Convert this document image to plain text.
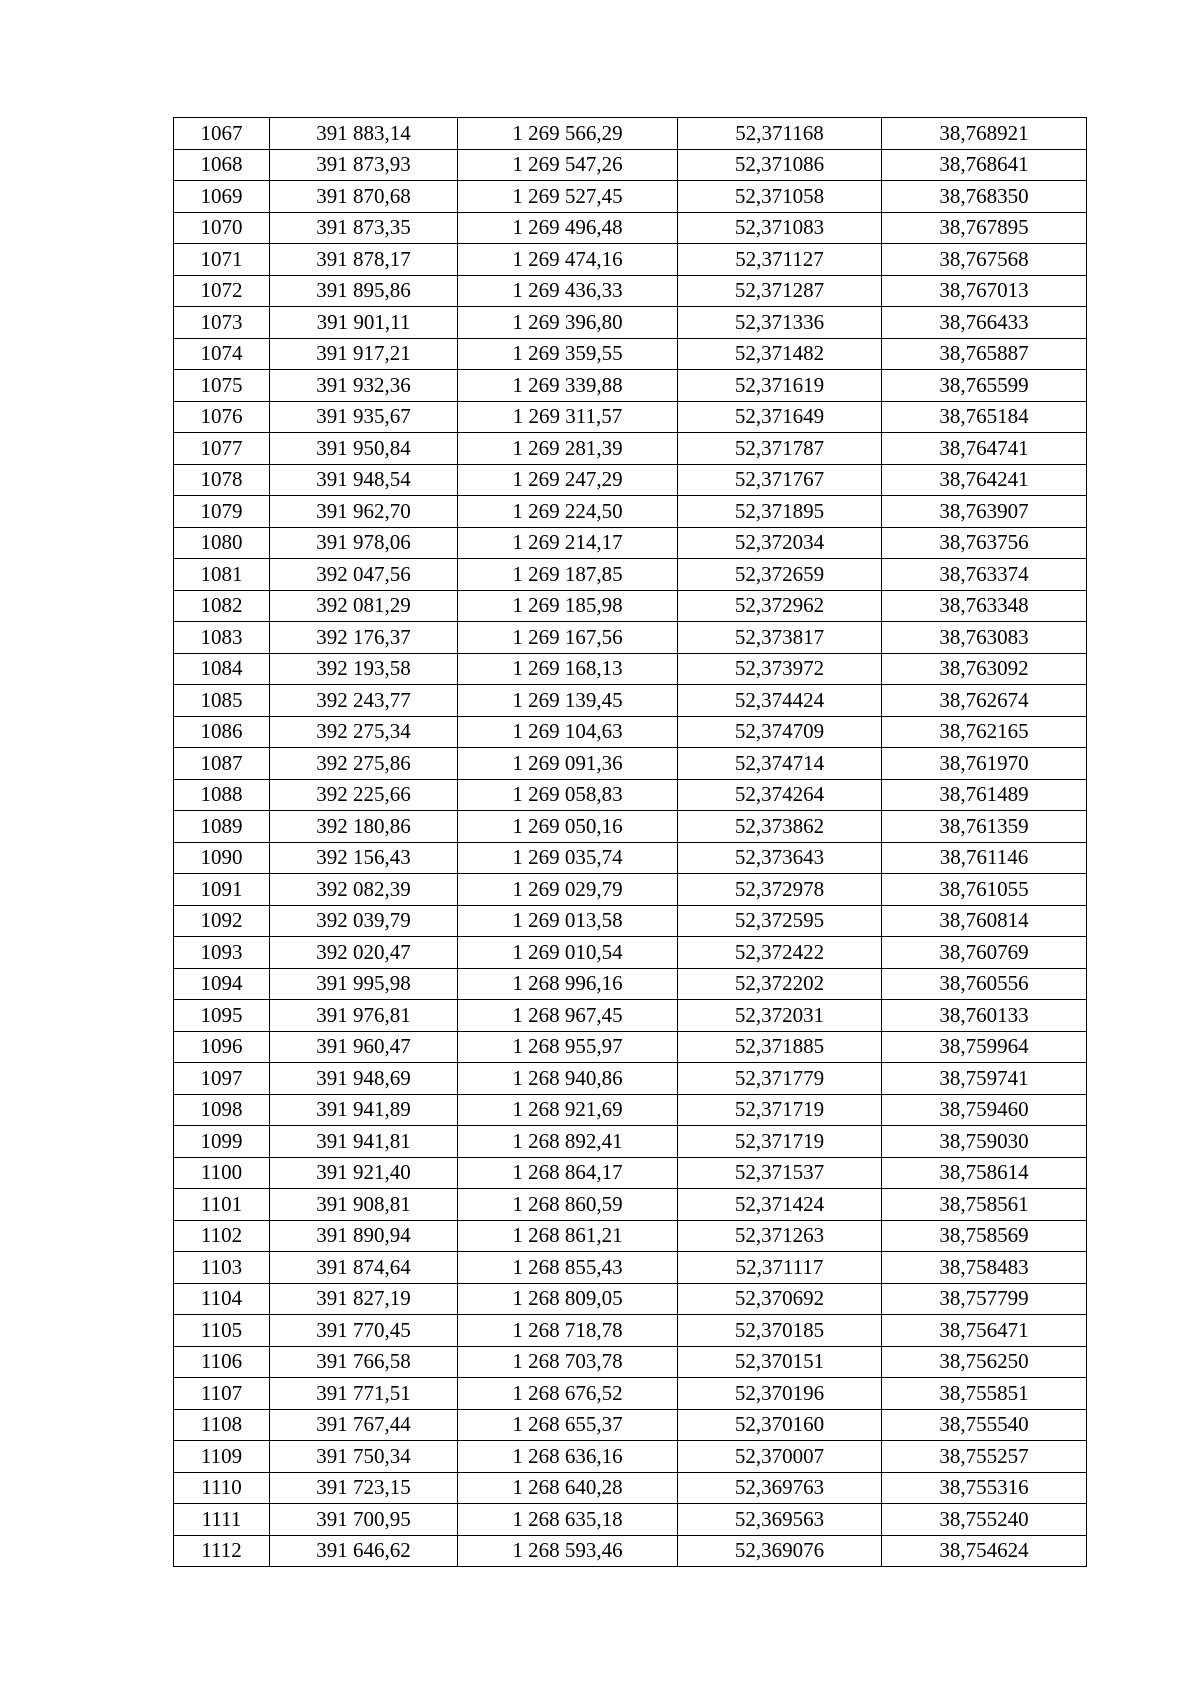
1067	391 883,14	1 269 566,29	52,371168	38,768921
1068	391 873,93	1 269 547,26	52,371086	38,768641
1069	391 870,68	1 269 527,45	52,371058	38,768350
1070	391 873,35	1 269 496,48	52,371083	38,767895
1071	391 878,17	1 269 474,16	52,371127	38,767568
1072	391 895,86	1 269 436,33	52,371287	38,767013
1073	391 901,11	1 269 396,80	52,371336	38,766433
1074	391 917,21	1 269 359,55	52,371482	38,765887
1075	391 932,36	1 269 339,88	52,371619	38,765599
1076	391 935,67	1 269 311,57	52,371649	38,765184
1077	391 950,84	1 269 281,39	52,371787	38,764741
1078	391 948,54	1 269 247,29	52,371767	38,764241
1079	391 962,70	1 269 224,50	52,371895	38,763907
1080	391 978,06	1 269 214,17	52,372034	38,763756
1081	392 047,56	1 269 187,85	52,372659	38,763374
1082	392 081,29	1 269 185,98	52,372962	38,763348
1083	392 176,37	1 269 167,56	52,373817	38,763083
1084	392 193,58	1 269 168,13	52,373972	38,763092
1085	392 243,77	1 269 139,45	52,374424	38,762674
1086	392 275,34	1 269 104,63	52,374709	38,762165
1087	392 275,86	1 269 091,36	52,374714	38,761970
1088	392 225,66	1 269 058,83	52,374264	38,761489
1089	392 180,86	1 269 050,16	52,373862	38,761359
1090	392 156,43	1 269 035,74	52,373643	38,761146
1091	392 082,39	1 269 029,79	52,372978	38,761055
1092	392 039,79	1 269 013,58	52,372595	38,760814
1093	392 020,47	1 269 010,54	52,372422	38,760769
1094	391 995,98	1 268 996,16	52,372202	38,760556
1095	391 976,81	1 268 967,45	52,372031	38,760133
1096	391 960,47	1 268 955,97	52,371885	38,759964
1097	391 948,69	1 268 940,86	52,371779	38,759741
1098	391 941,89	1 268 921,69	52,371719	38,759460
1099	391 941,81	1 268 892,41	52,371719	38,759030
1100	391 921,40	1 268 864,17	52,371537	38,758614
1101	391 908,81	1 268 860,59	52,371424	38,758561
1102	391 890,94	1 268 861,21	52,371263	38,758569
1103	391 874,64	1 268 855,43	52,371117	38,758483
1104	391 827,19	1 268 809,05	52,370692	38,757799
1105	391 770,45	1 268 718,78	52,370185	38,756471
1106	391 766,58	1 268 703,78	52,370151	38,756250
1107	391 771,51	1 268 676,52	52,370196	38,755851
1108	391 767,44	1 268 655,37	52,370160	38,755540
1109	391 750,34	1 268 636,16	52,370007	38,755257
1110	391 723,15	1 268 640,28	52,369763	38,755316
1111	391 700,95	1 268 635,18	52,369563	38,755240
1112	391 646,62	1 268 593,46	52,369076	38,754624
